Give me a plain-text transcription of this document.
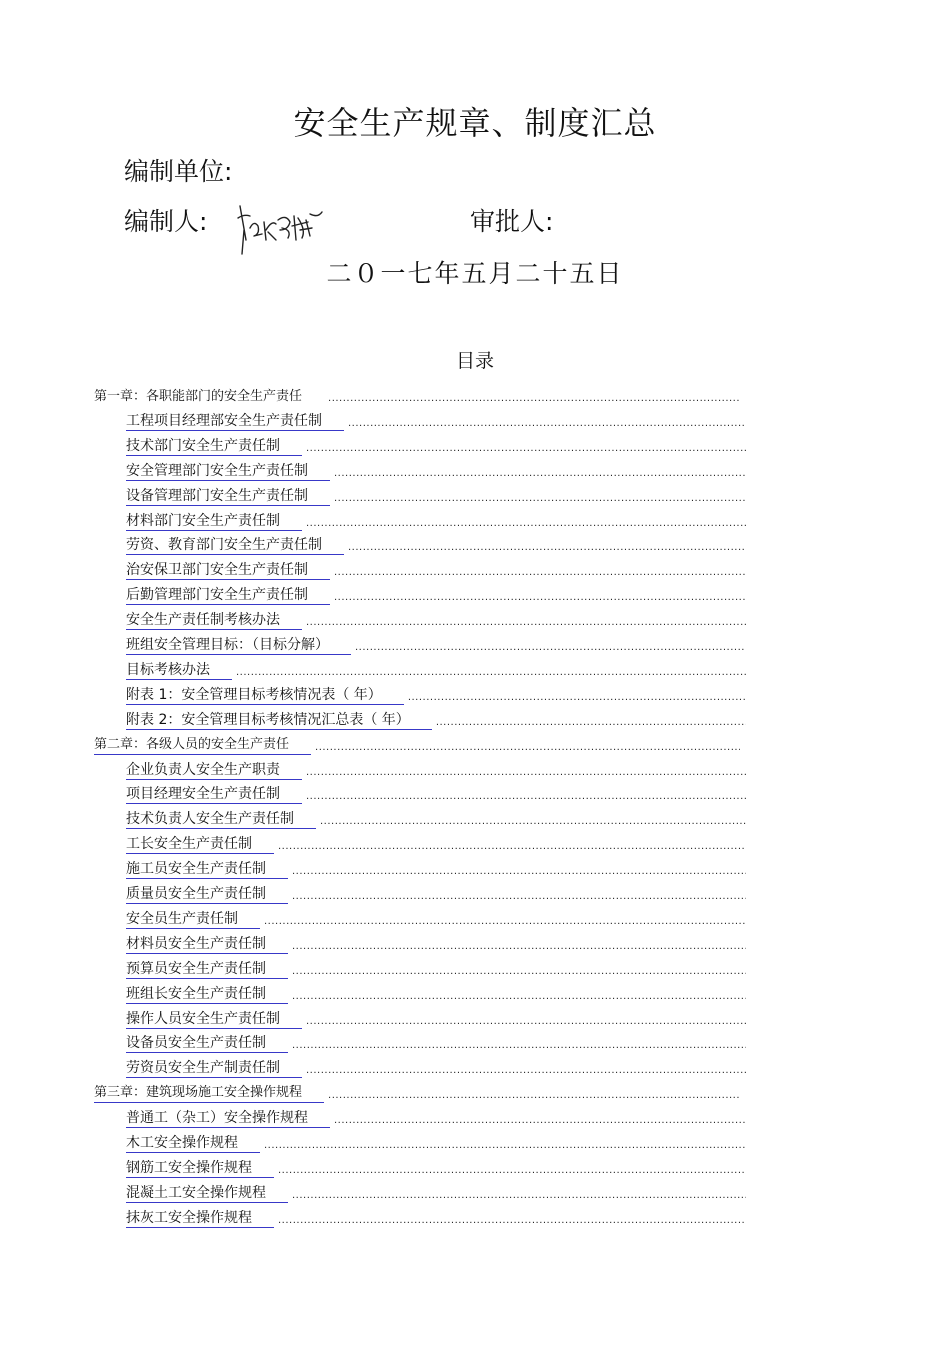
安全生产规章、制度汇总
编制单位:
编制人:	审批人:
二０一七年五月二十五日
目录
第一章：各职能部门的安全生产责任
.....
工程项目经理部安全生产责任制
.....
技术部门安全生产责任制
.....
安全管理部门安全生产责任制
.....
设备管理部门安全生产责任制
.....
材料部门安全生产责任制
.....
劳资、教育部门安全生产责任制
.....
治安保卫部门安全生产责任制
.....
后勤管理部门安全生产责任制
.....
安全生产责任制考核办法
.....
班组安全管理目标：（目标分解）
.....
目标考核办法
.....
附表 1：安全管理目标考核情况表（ 年）
.....
附表 2：安全管理目标考核情况汇总表（ 年）
.....
第二章：各级人员的安全生产责任
.....
企业负责人安全生产职责
.....
项目经理安全生产责任制
.....
技术负责人安全生产责任制
.....
工长安全生产责任制
.....
施工员安全生产责任制
.....
质量员安全生产责任制
.....
安全员生产责任制
.....
材料员安全生产责任制
.....
预算员安全生产责任制
.....
班组长安全生产责任制
.....
操作人员安全生产责任制
.....
设备员安全生产责任制
.....
劳资员安全生产制责任制
.....
第三章：建筑现场施工安全操作规程
.....
普通工（杂工）安全操作规程
.....
木工安全操作规程
.....
钢筋工安全操作规程
.....
混凝土工安全操作规程
.....
抹灰工安全操作规程
.....
